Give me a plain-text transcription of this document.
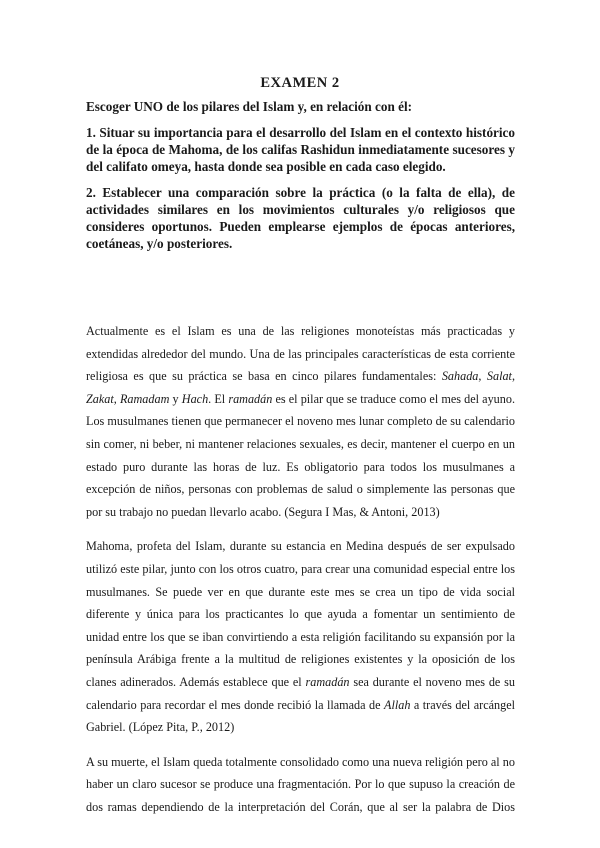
EXAMEN 2

Escoger UNO de los pilares del Islam y, en relación con él:

1. Situar su importancia para el desarrollo del Islam en el contexto histórico de la época de Mahoma, de los califas Rashidun inmediatamente sucesores y del califato omeya, hasta donde sea posible en cada caso elegido.

2. Establecer una comparación sobre la práctica (o la falta de ella), de actividades similares en los movimientos culturales y/o religiosos que consideres oportunos. Pueden emplearse ejemplos de épocas anteriores, coetáneas, y/o posteriores.

Actualmente es el Islam es una de las religiones monoteístas más practicadas y extendidas alrededor del mundo. Una de las principales características de esta corriente religiosa es que su práctica se basa en cinco pilares fundamentales: Sahada, Salat, Zakat, Ramadam y Hach. El ramadán es el pilar que se traduce como el mes del ayuno. Los musulmanes tienen que permanecer el noveno mes lunar completo de su calendario sin comer, ni beber, ni mantener relaciones sexuales, es decir, mantener el cuerpo en un estado puro durante las horas de luz. Es obligatorio para todos los musulmanes a excepción de niños, personas con problemas de salud o simplemente las personas que por su trabajo no puedan llevarlo acabo. (Segura I Mas, & Antoni, 2013)

Mahoma, profeta del Islam, durante su estancia en Medina después de ser expulsado utilizó este pilar, junto con los otros cuatro, para crear una comunidad especial entre los musulmanes. Se puede ver en que durante este mes se crea un tipo de vida social diferente y única para los practicantes lo que ayuda a fomentar un sentimiento de unidad entre los que se iban convirtiendo a esta religión facilitando su expansión por la península Arábiga frente a la multitud de religiones existentes y la oposición de los clanes adinerados. Además establece que el ramadán sea durante el noveno mes de su calendario para recordar el mes donde recibió la llamada de Allah a través del arcángel Gabriel. (López Pita, P., 2012)

A su muerte, el Islam queda totalmente consolidado como una nueva religión pero al no haber un claro sucesor se produce una fragmentación. Por lo que supuso la creación de dos ramas dependiendo de la interpretación del Corán, que al ser la palabra de Dios
